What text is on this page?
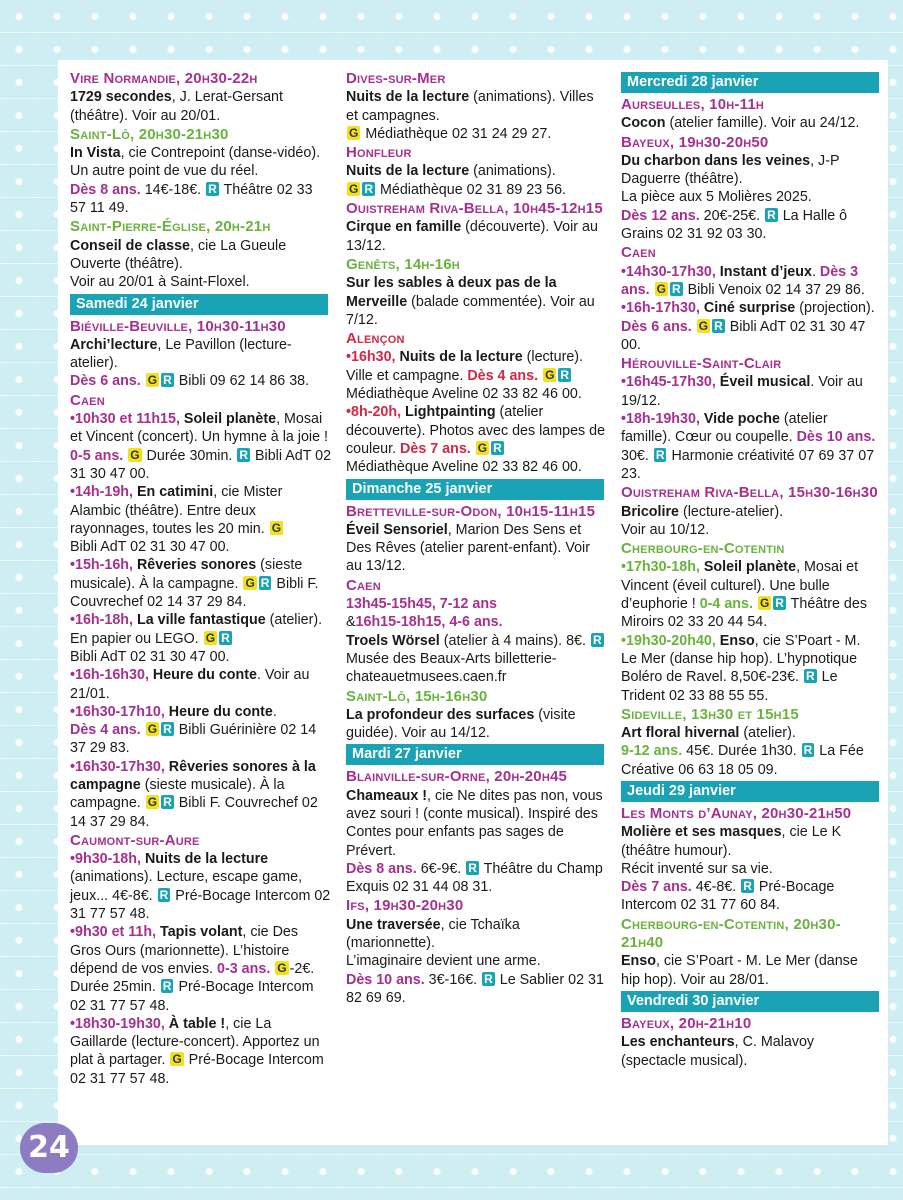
Vire Normandie, 20h30-22h
1729 secondes, J. Lerat-Gersant (théâtre). Voir au 20/01.
Saint-Lô, 20h30-21h30
In Vista, cie Contrepoint (danse-vidéo). Un autre point de vue du réel.
Dès 8 ans. 14€-18€. R Théâtre 02 33 57 11 49.
Saint-Pierre-Église, 20h-21h
Conseil de classe, cie La Gueule Ouverte (théâtre).
Voir au 20/01 à Saint-Floxel.
Samedi 24 janvier
Biéville-Beuville, 10h30-11h30
Archi’lecture, Le Pavillon (lecture-atelier).
Dès 6 ans. G R Bibli 09 62 14 86 38.
Caen
•10h30 et 11h15, Soleil planète, Mosai et Vincent (concert). Un hymne à la joie ! 0-5 ans. G Durée 30min. R Bibli AdT 02 31 30 47 00.
•14h-19h, En catimini, cie Mister Alambic (théâtre). Entre deux rayonnages, toutes les 20 min. G
Bibli AdT 02 31 30 47 00.
•15h-16h, Rêveries sonores (sieste musicale). À la campagne. G R Bibli F. Couvrechef 02 14 37 29 84.
•16h-18h, La ville fantastique (atelier). En papier ou LEGO. G R
Bibli AdT 02 31 30 47 00.
•16h-16h30, Heure du conte. Voir au 21/01.
•16h30-17h10, Heure du conte.
Dès 4 ans. G R Bibli Guérinière 02 14 37 29 83.
•16h30-17h30, Rêveries sonores à la campagne (sieste musicale). À la campagne. G R Bibli F. Couvrechef 02 14 37 29 84.
Caumont-sur-Aure
•9h30-18h, Nuits de la lecture (animations). Lecture, escape game, jeux... 4€-8€. R Pré-Bocage Intercom 02 31 77 57 48.
•9h30 et 11h, Tapis volant, cie Des Gros Ours (marionnette). L’histoire dépend de vos envies. 0-3 ans. G -2€. Durée 25min. R Pré-Bocage Intercom 02 31 77 57 48.
•18h30-19h30, À table !, cie La Gaillarde (lecture-concert). Apportez un plat à partager. G Pré-Bocage Intercom 02 31 77 57 48.
Dives-sur-Mer
Nuits de la lecture (animations). Villes et campagnes.
G Médiathèque 02 31 24 29 27.
Honfleur
Nuits de la lecture (animations).
G R Médiathèque 02 31 89 23 56.
Ouistreham Riva-Bella, 10h45-12h15
Cirque en famille (découverte). Voir au 13/12.
Genêts, 14h-16h
Sur les sables à deux pas de la Merveille (balade commentée). Voir au 7/12.
Alençon
•16h30, Nuits de la lecture (lecture). Ville et campagne. Dès 4 ans. G R Médiathèque Aveline 02 33 82 46 00.
•8h-20h, Lightpainting (atelier découverte). Photos avec des lampes de couleur. Dès 7 ans. G R
Médiathèque Aveline 02 33 82 46 00.
Dimanche 25 janvier
Bretteville-sur-Odon, 10h15-11h15
Éveil Sensoriel, Marion Des Sens et Des Rêves (atelier parent-enfant). Voir au 13/12.
Caen
13h45-15h45, 7-12 ans
&16h15-18h15, 4-6 ans.
Troels Wörsel (atelier à 4 mains). 8€. R Musée des Beaux-Arts billetterie-chateauetmusees.caen.fr
Saint-Lô, 15h-16h30
La profondeur des surfaces (visite guidée). Voir au 14/12.
Mardi 27 janvier
Blainville-sur-Orne, 20h-20h45
Chameaux !, cie Ne dites pas non, vous avez souri ! (conte musical). Inspiré des Contes pour enfants pas sages de Prévert.
Dès 8 ans. 6€-9€. R Théâtre du Champ Exquis 02 31 44 08 31.
Ifs, 19h30-20h30
Une traversée, cie Tchaïka (marionnette).
L’imaginaire devient une arme.
Dès 10 ans. 3€-16€. R Le Sablier 02 31 82 69 69.
Mercredi 28 janvier
Aurseulles, 10h-11h
Cocon (atelier famille). Voir au 24/12.
Bayeux, 19h30-20h50
Du charbon dans les veines, J-P Daguerre (théâtre).
La pièce aux 5 Molières 2025.
Dès 12 ans. 20€-25€. R La Halle ô Grains 02 31 92 03 30.
Caen
•14h30-17h30, Instant d’jeux. Dès 3 ans. G R Bibli Venoix 02 14 37 29 86.
•16h-17h30, Ciné surprise (projection). Dès 6 ans. G R Bibli AdT 02 31 30 47 00.
Hérouville-Saint-Clair
•16h45-17h30, Éveil musical. Voir au 19/12.
•18h-19h30, Vide poche (atelier famille). Cœur ou coupelle. Dès 10 ans. 30€. R Harmonie créativité 07 69 37 07 23.
Ouistreham Riva-Bella, 15h30-16h30
Bricolire (lecture-atelier).
Voir au 10/12.
Cherbourg-en-Cotentin
•17h30-18h, Soleil planète, Mosai et Vincent (éveil culturel). Une bulle d’euphorie ! 0-4 ans. G R Théâtre des Miroirs 02 33 20 44 54.
•19h30-20h40, Enso, cie S’Poart - M. Le Mer (danse hip hop). L’hypnotique Boléro de Ravel. 8,50€-23€. R Le Trident 02 33 88 55 55.
Sideville, 13h30 et 15h15
Art floral hivernal (atelier).
9-12 ans. 45€. Durée 1h30. R La Fée Créative 06 63 18 05 09.
Jeudi 29 janvier
Les Monts d’Aunay, 20h30-21h50
Molière et ses masques, cie Le K (théâtre humour).
Récit inventé sur sa vie.
Dès 7 ans. 4€-8€. R Pré-Bocage Intercom 02 31 77 60 84.
Cherbourg-en-Cotentin, 20h30-21h40
Enso, cie S’Poart - M. Le Mer (danse hip hop). Voir au 28/01.
Vendredi 30 janvier
Bayeux, 20h-21h10
Les enchanteurs, C. Malavoy (spectacle musical).
24
